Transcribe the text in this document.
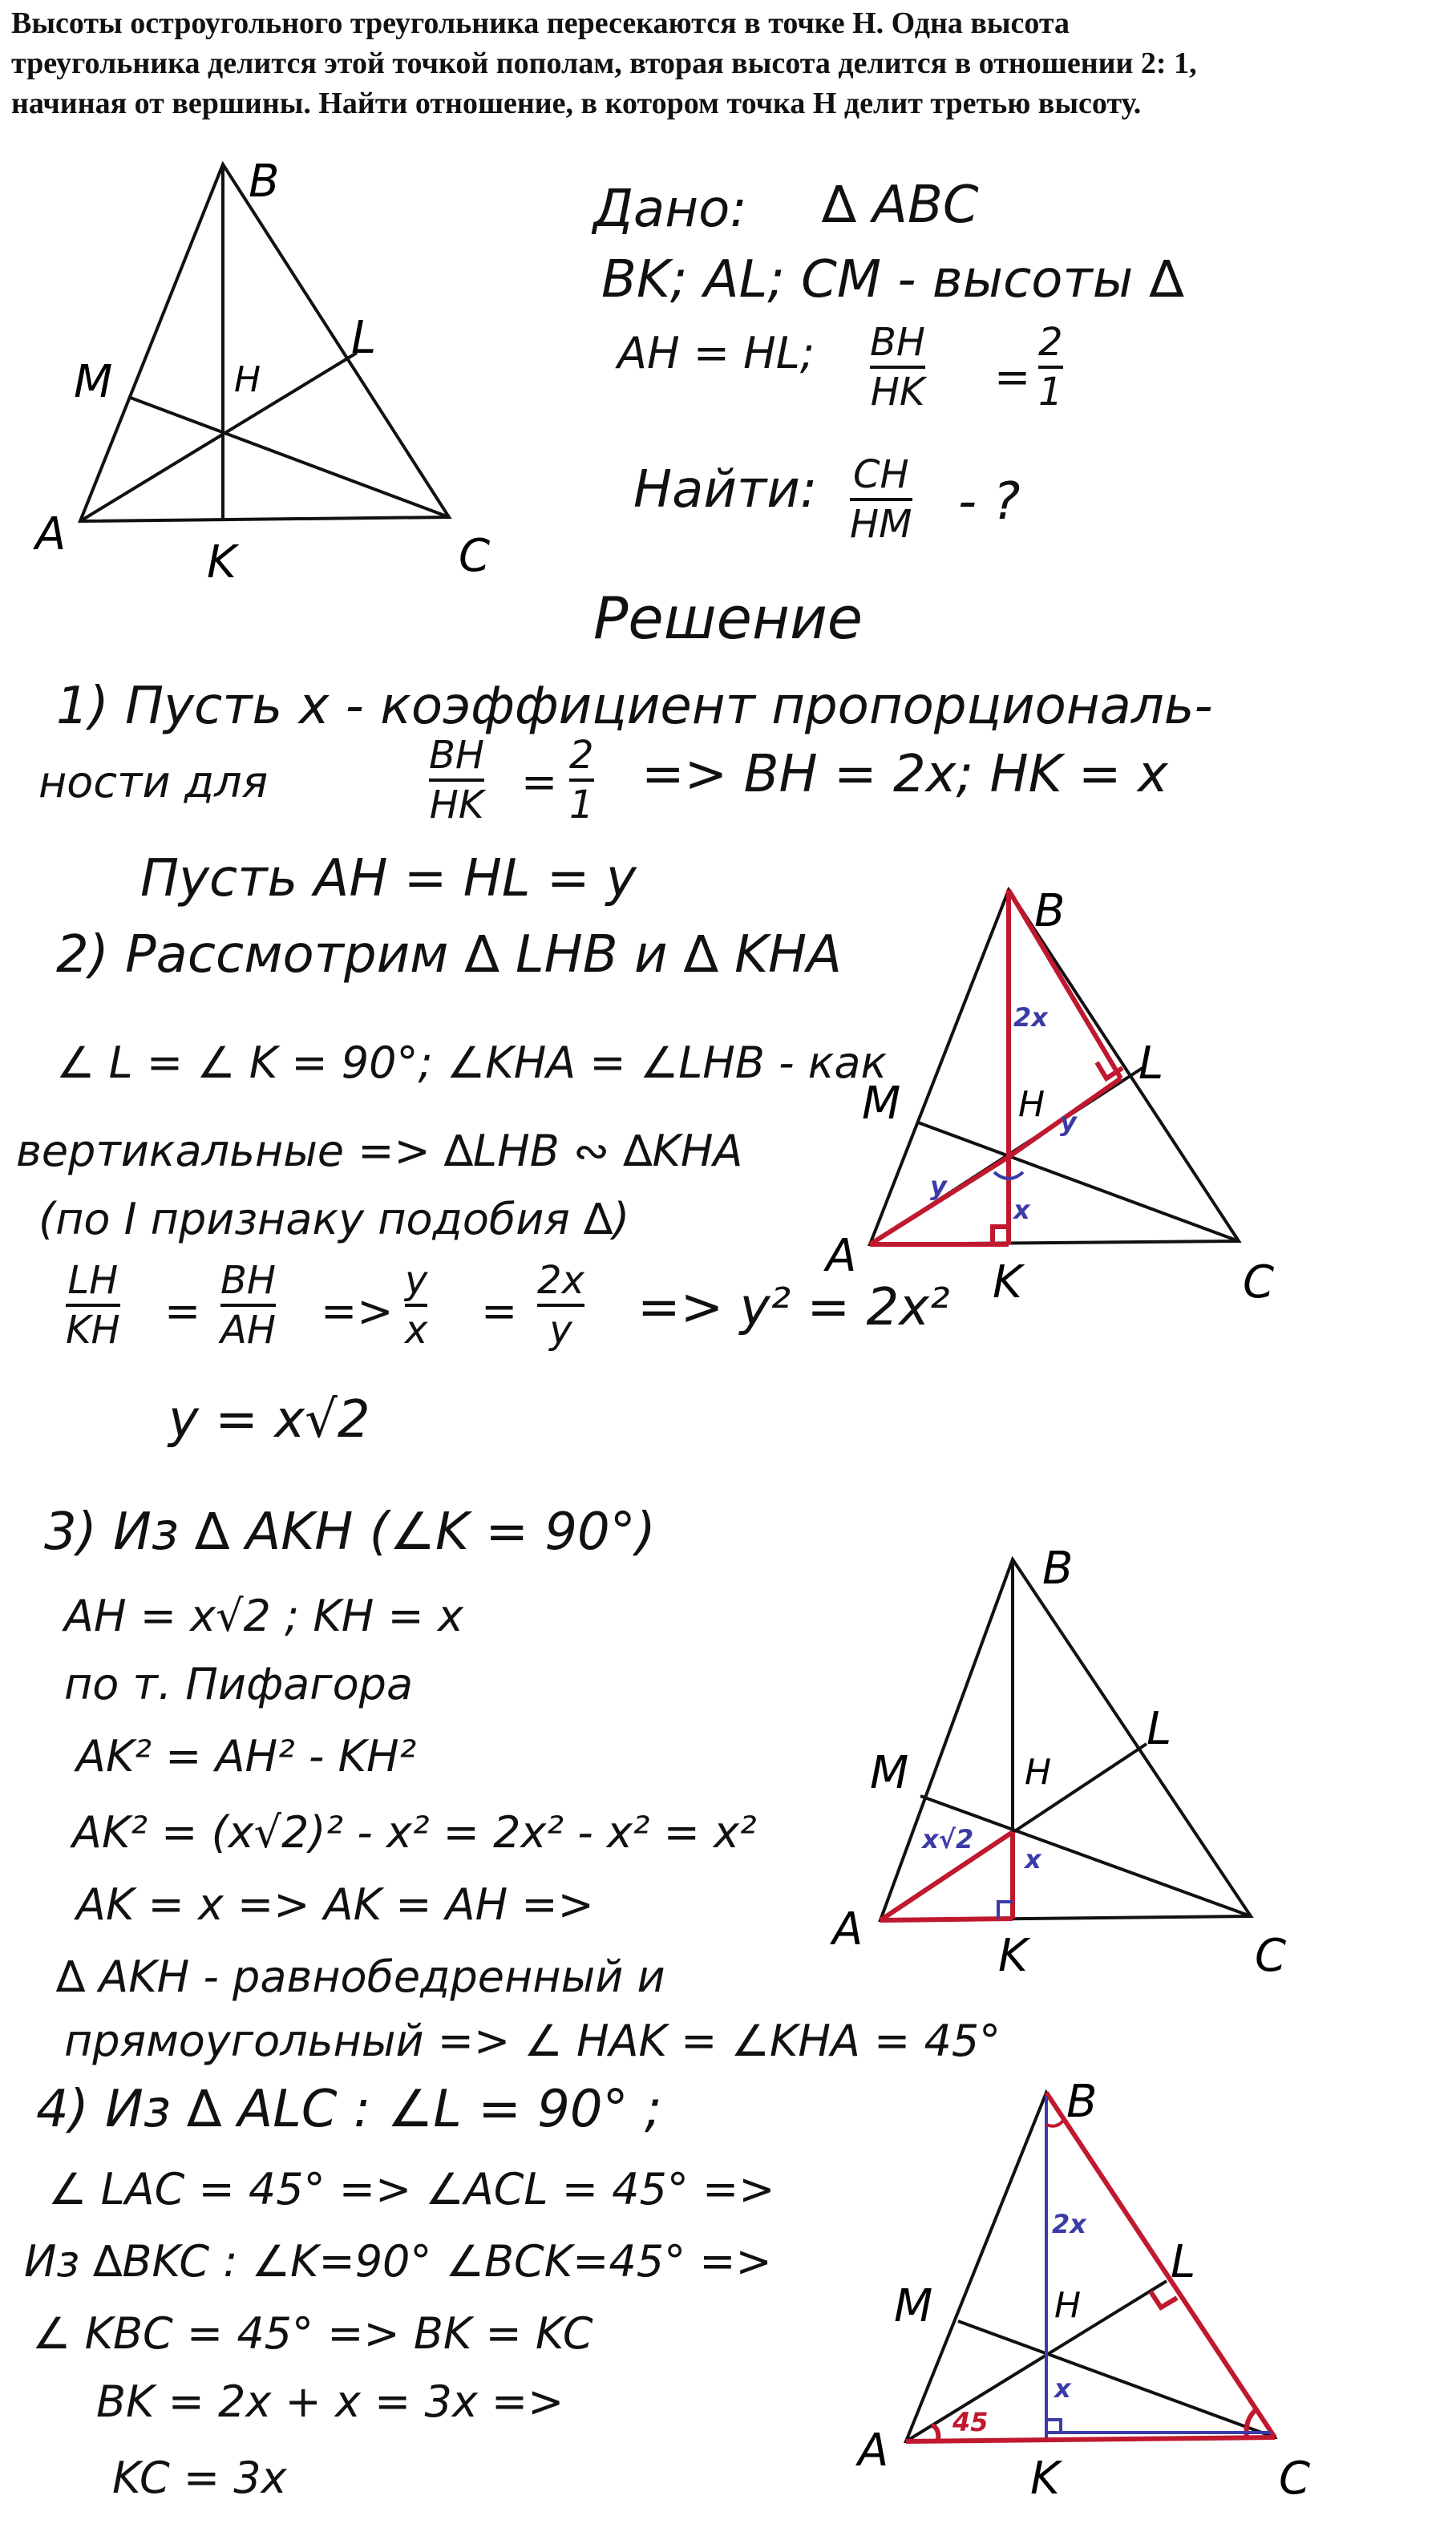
Высоты остроугольного треугольника пересекаются в точке H. Одна высота треугольника делится этой точкой пополам, вторая высота делится в отношении 2: 1, начиная от вершины. Найти отношение, в котором точка H делит третью высоту.
B
A	C
K
L
M	H
Дано: ∆ ABC
BK; AL; CM - высоты ∆
AH = HL; BH
HK =
2
1
Найти: CH
HM - ?
Решение
1) Пусть x - коэффициент пропорциональ-
ности для
BH
HK =
2
1
=> BH = 2x; HK = x
Пусть AH = HL = y
B
A
C
K
L
M	H
2x
y
y
x
2) Рассмотрим ∆ LHB и ∆ KHA
∠ L = ∠ K = 90°; ∠KHA = ∠LHB - как
вертикальные => ∆LHB ∾ ∆KHA
(по I признаку подобия ∆)
LH
KH =
BH
AH =>
y
x =
2x
y => y² = 2x²
y = x√2
3) Из ∆ AKH (∠K = 90°)
AH = x√2 ; KH = x
по т. Пифагора
AK² = AH² - KH²
AK² = (x√2)² - x² = 2x² - x² = x²
AK = x => AK = AH =>
∆ AKH - равнобедренный и
прямоугольный => ∠ HAK = ∠KHA = 45°
B
A
C
K
L
M	H
x√2
x
4) Из ∆ ALC : ∠L = 90° ;
∠ LAC = 45° => ∠ACL = 45° =>
Из ∆BKC : ∠K=90° ∠BCK=45° =>
∠ KBC = 45° => BK = KC
BK = 2x + x = 3x =>
KC = 3x
B
A
C
K
L
M	H
2x
x
45
